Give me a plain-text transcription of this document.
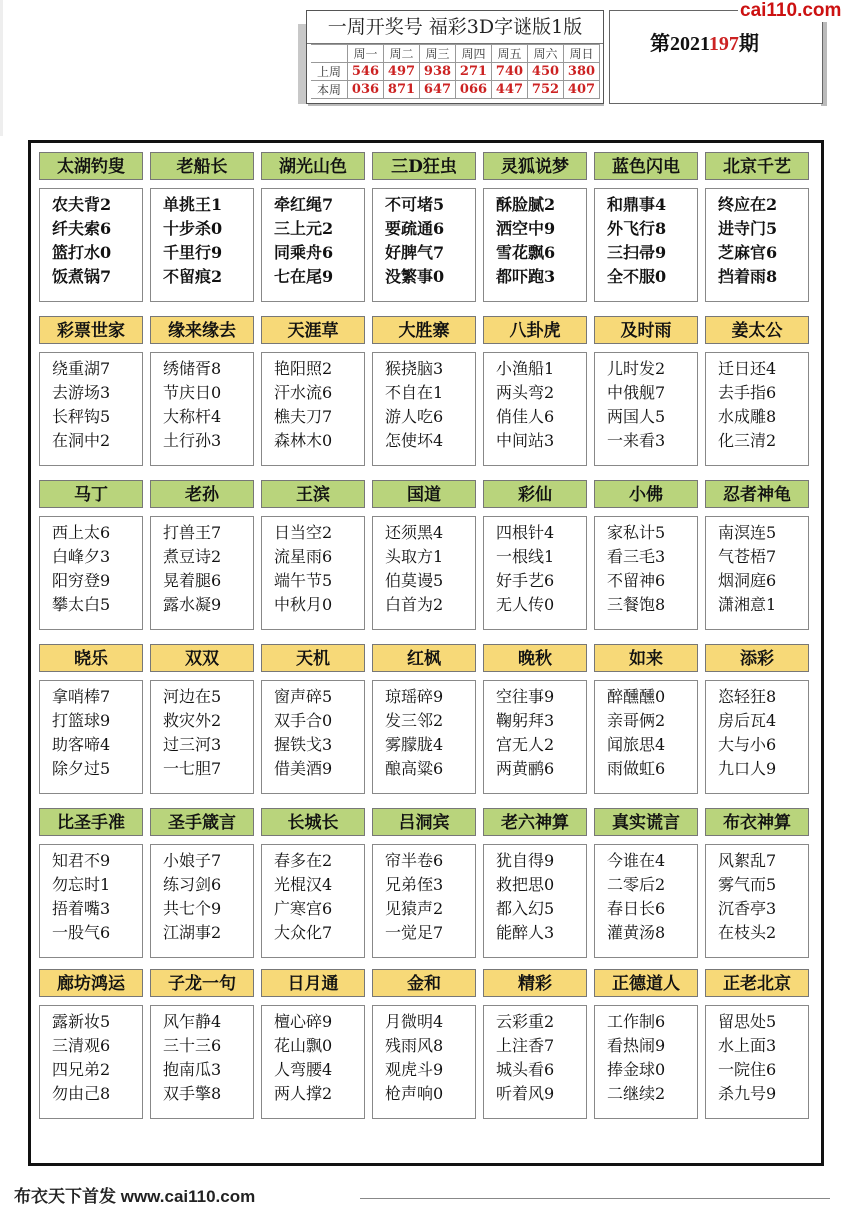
一周开奖号 福彩3D字谜版1版
	周一	周二	周三	周四	周五	周六	周日
上周	546	497	938	271	740	450	380
本周	036	871	647	066	447	752	407
第2021197期
cai110.com
太湖钓叟
农夫背2
纤夫索6
篮打水0
饭煮锅7
老船长
单挑王1
十步杀0
千里行9
不留痕2
湖光山色
牵红绳7
三上元2
同乘舟6
七在尾9
三D狂虫
不可堵5
要疏通6
好脾气7
没繁事0
灵狐说梦
酥脸腻2
洒空中9
雪花飘6
都吓跑3
蓝色闪电
和鼎事4
外飞行8
三扫帚9
全不服0
北京千艺
终应在2
进寺门5
芝麻官6
挡着雨8
彩票世家
绕重湖7
去游场3
长秤钩5
在洞中2
缘来缘去
绣储胥8
节庆日0
大称杆4
土行孙3
天涯草
艳阳照2
汗水流6
樵夫刀7
森林木0
大胜寨
猴挠脑3
不自在1
游人吃6
怎使坏4
八卦虎
小渔船1
两头弯2
俏佳人6
中间站3
及时雨
儿时发2
中俄舰7
两国人5
一来看3
姜太公
迁日还4
去手指6
水成雕8
化三清2
马丁
西上太6
白峰夕3
阳穷登9
攀太白5
老孙
打兽王7
煮豆诗2
晃着腿6
露水凝9
王滨
日当空2
流星雨6
端午节5
中秋月0
国道
还须黑4
头取方1
伯莫谩5
白首为2
彩仙
四根针4
一根线1
好手艺6
无人传0
小佛
家私计5
看三毛3
不留神6
三餐饱8
忍者神龟
南溟连5
气苍梧7
烟洞庭6
潇湘意1
晓乐
拿哨棒7
打篮球9
助客啼4
除夕过5
双双
河边在5
救灾外2
过三河3
一七胆7
天机
窗声碎5
双手合0
握铁戈3
借美酒9
红枫
琼瑶碎9
发三邻2
雾朦胧4
酿高粱6
晚秋
空往事9
鞠躬拜3
宫无人2
两黄鹂6
如来
醉醺醺0
亲哥俩2
闻旅思4
雨做虹6
添彩
恣轻狂8
房后瓦4
大与小6
九口人9
比圣手准
知君不9
勿忘时1
捂着嘴3
一股气6
圣手箴言
小娘子7
练习剑6
共七个9
江湖事2
长城长
春多在2
光棍汉4
广寒宫6
大众化7
吕洞宾
帘半卷6
兄弟侄3
见猿声2
一觉足7
老六神算
犹自得9
救把思0
都入幻5
能醉人3
真实谎言
今谁在4
二零后2
春日长6
灌黄汤8
布衣神算
风絮乱7
雾气而5
沉香亭3
在枝头2
廊坊鸿运
露新妆5
三清观6
四兄弟2
勿由己8
子龙一句
风乍静4
三十三6
抱南瓜3
双手擎8
日月通
檀心碎9
花山飘0
人弯腰4
两人撑2
金和
月微明4
残雨风8
观虎斗9
枪声响0
精彩
云彩重2
上注香7
城头看6
听着风9
正德道人
工作制6
看热闹9
捧金球0
二继续2
正老北京
留思处5
水上面3
一院住6
杀九号9
布衣天下首发 www.cai110.com
